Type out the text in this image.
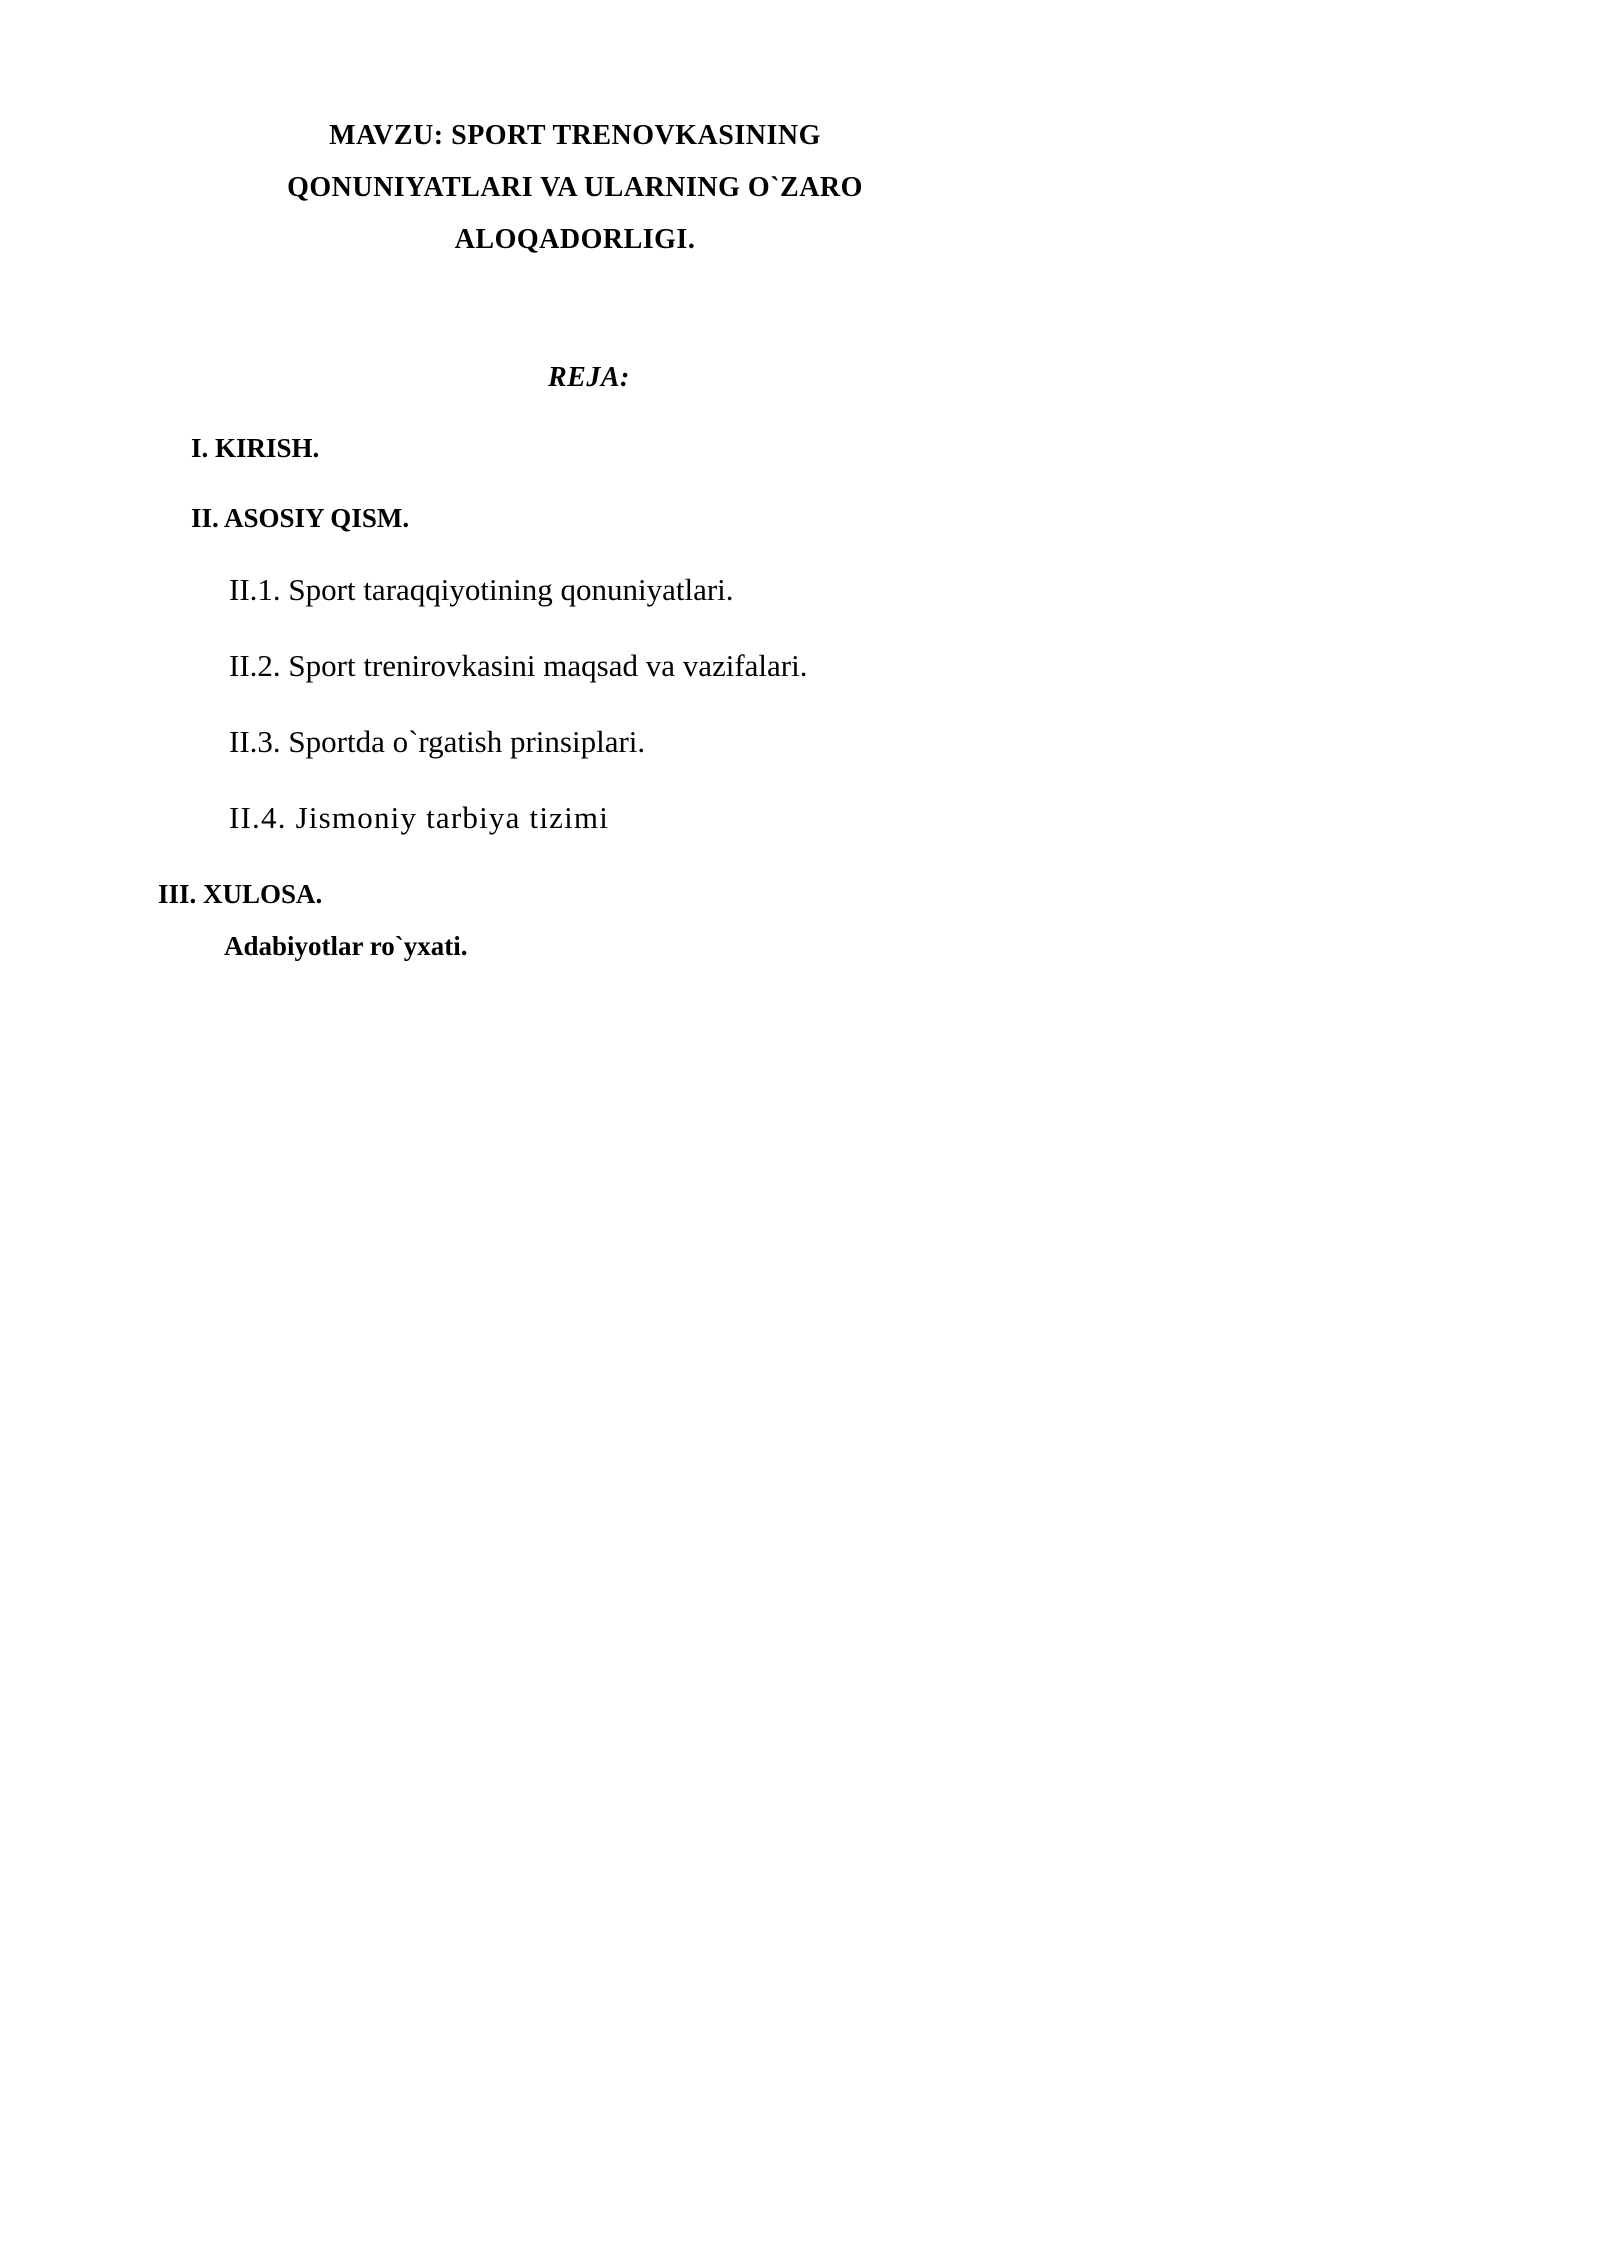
MAVZU: SPORT TRENOVKASINING
QONUNIYATLARI VA ULARNING O`ZARO
ALOQADORLIGI.
REJA:
I. KIRISH.
II. ASOSIY QISM.
II.1. Sport taraqqiyotining qonuniyatlari.
II.2. Sport trenirovkasini maqsad va vazifalari.
II.3. Sportda o`rgatish prinsiplari.
II.4. Jismoniy tarbiya tizimi
III. XULOSA.
Adabiyotlar ro`yxati.
